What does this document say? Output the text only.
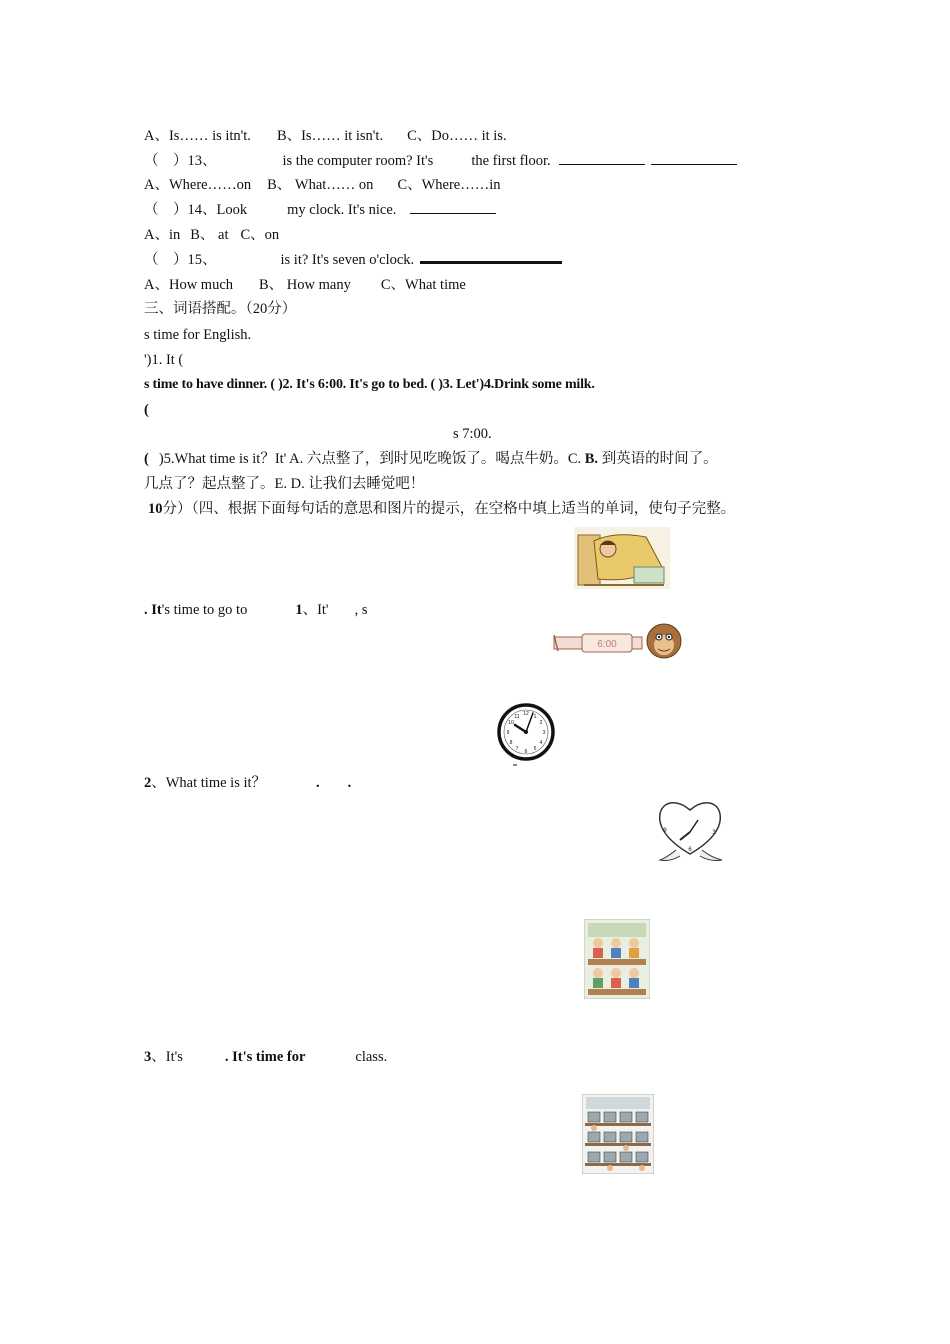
A、Is…… is itn't. B、Is…… it isn't. C、Do…… it is.
（　）13、	is the computer room? It's	the first floor.
A、Where……on B、 What…… on C、Where……in
（　）14、Look	my clock. It's nice.
A、in B、 at C、on
（　）15、	is it? It's seven o'clock.
A、How much B、 How many C、What time
三、词语搭配。（20分）
s time for English.
')1. It (
s time to have dinner. ( )2. It's 6:00. It's go to bed. ( )3. Let')4.Drink some milk.
(
s 7:00.
( )5.What time is it？It' A. 六点整了，到时见吃晚饭了。喝点牛奶。C. B. 到英语的时间了。
几点了？起点整了。E. D. 让我们去睡觉吧！
10分）（四、根据下面每句话的意思和图片的提示，在空格中填上适当的单词，使句子完整。
. It's time to go to	1、It' , s
6:00
12 1
2
3
4
5
6
7
8
9
10
11
2、What time is it？	. .
9	3
6
3、It's	. It's time for	class.
